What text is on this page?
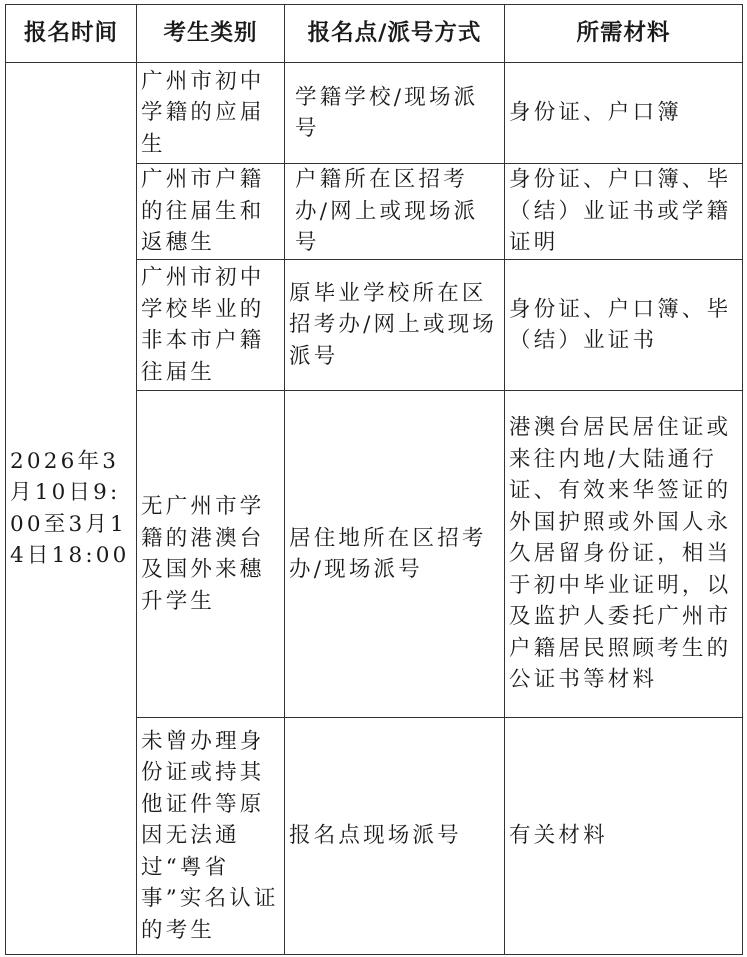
报名时间	考生类别	报名点/派号方式	所需材料
2026年3月10日9:00至3月14日18:00	广州市初中学籍的应届生	学籍学校/现场派号	身份证、户口簿
	广州市户籍的往届生和返穗生	户籍所在区招考办/网上或现场派号	身份证、户口簿、毕（结）业证书或学籍证明
	广州市初中学校毕业的非本市户籍往届生	原毕业学校所在区招考办/网上或现场派号	身份证、户口簿、毕（结）业证书
	无广州市学籍的港澳台及国外来穗升学生	居住地所在区招考办/现场派号	港澳台居民居住证或来往内地/大陆通行证、有效来华签证的外国护照或外国人永久居留身份证，相当于初中毕业证明，以及监护人委托广州市户籍居民照顾考生的公证书等材料
	未曾办理身份证或持其他证件等原因无法通过“粤省事”实名认证的考生	报名点现场派号	有关材料
